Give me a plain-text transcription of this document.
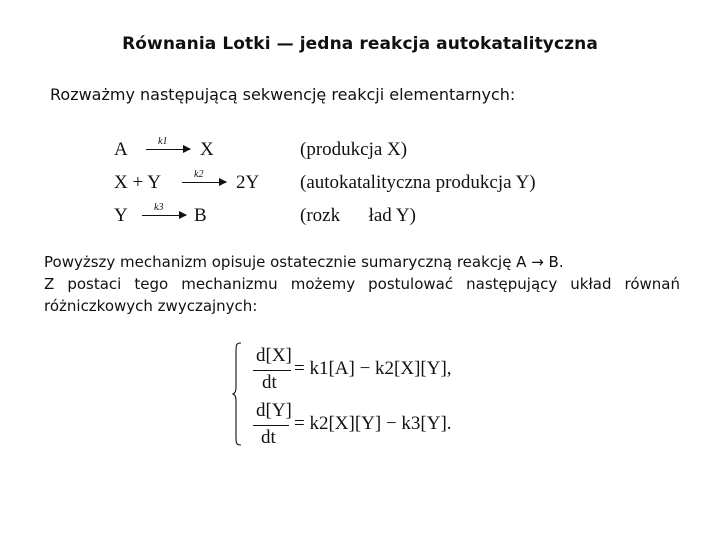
Równania Lotki — jedna reakcja autokatalityczna
Rozważmy następującą sekwencję reakcji elementarnych:
A	k1 → X	(produkcja X)
X + Y	k2 → 2Y (autokatalityczna produkcja Y)
Y	k3 → B	(rozk      ład Y)
Powyższy mechanizm opisuje ostatecznie sumaryczną reakcję A → B.
Z postaci tego mechanizmu możemy postulować następujący układ równań
różniczkowych zwyczajnych:
d[X]
dt
= k1[A] − k2[X][Y],
d[Y]
dt
= k2[X][Y] − k3[Y].
